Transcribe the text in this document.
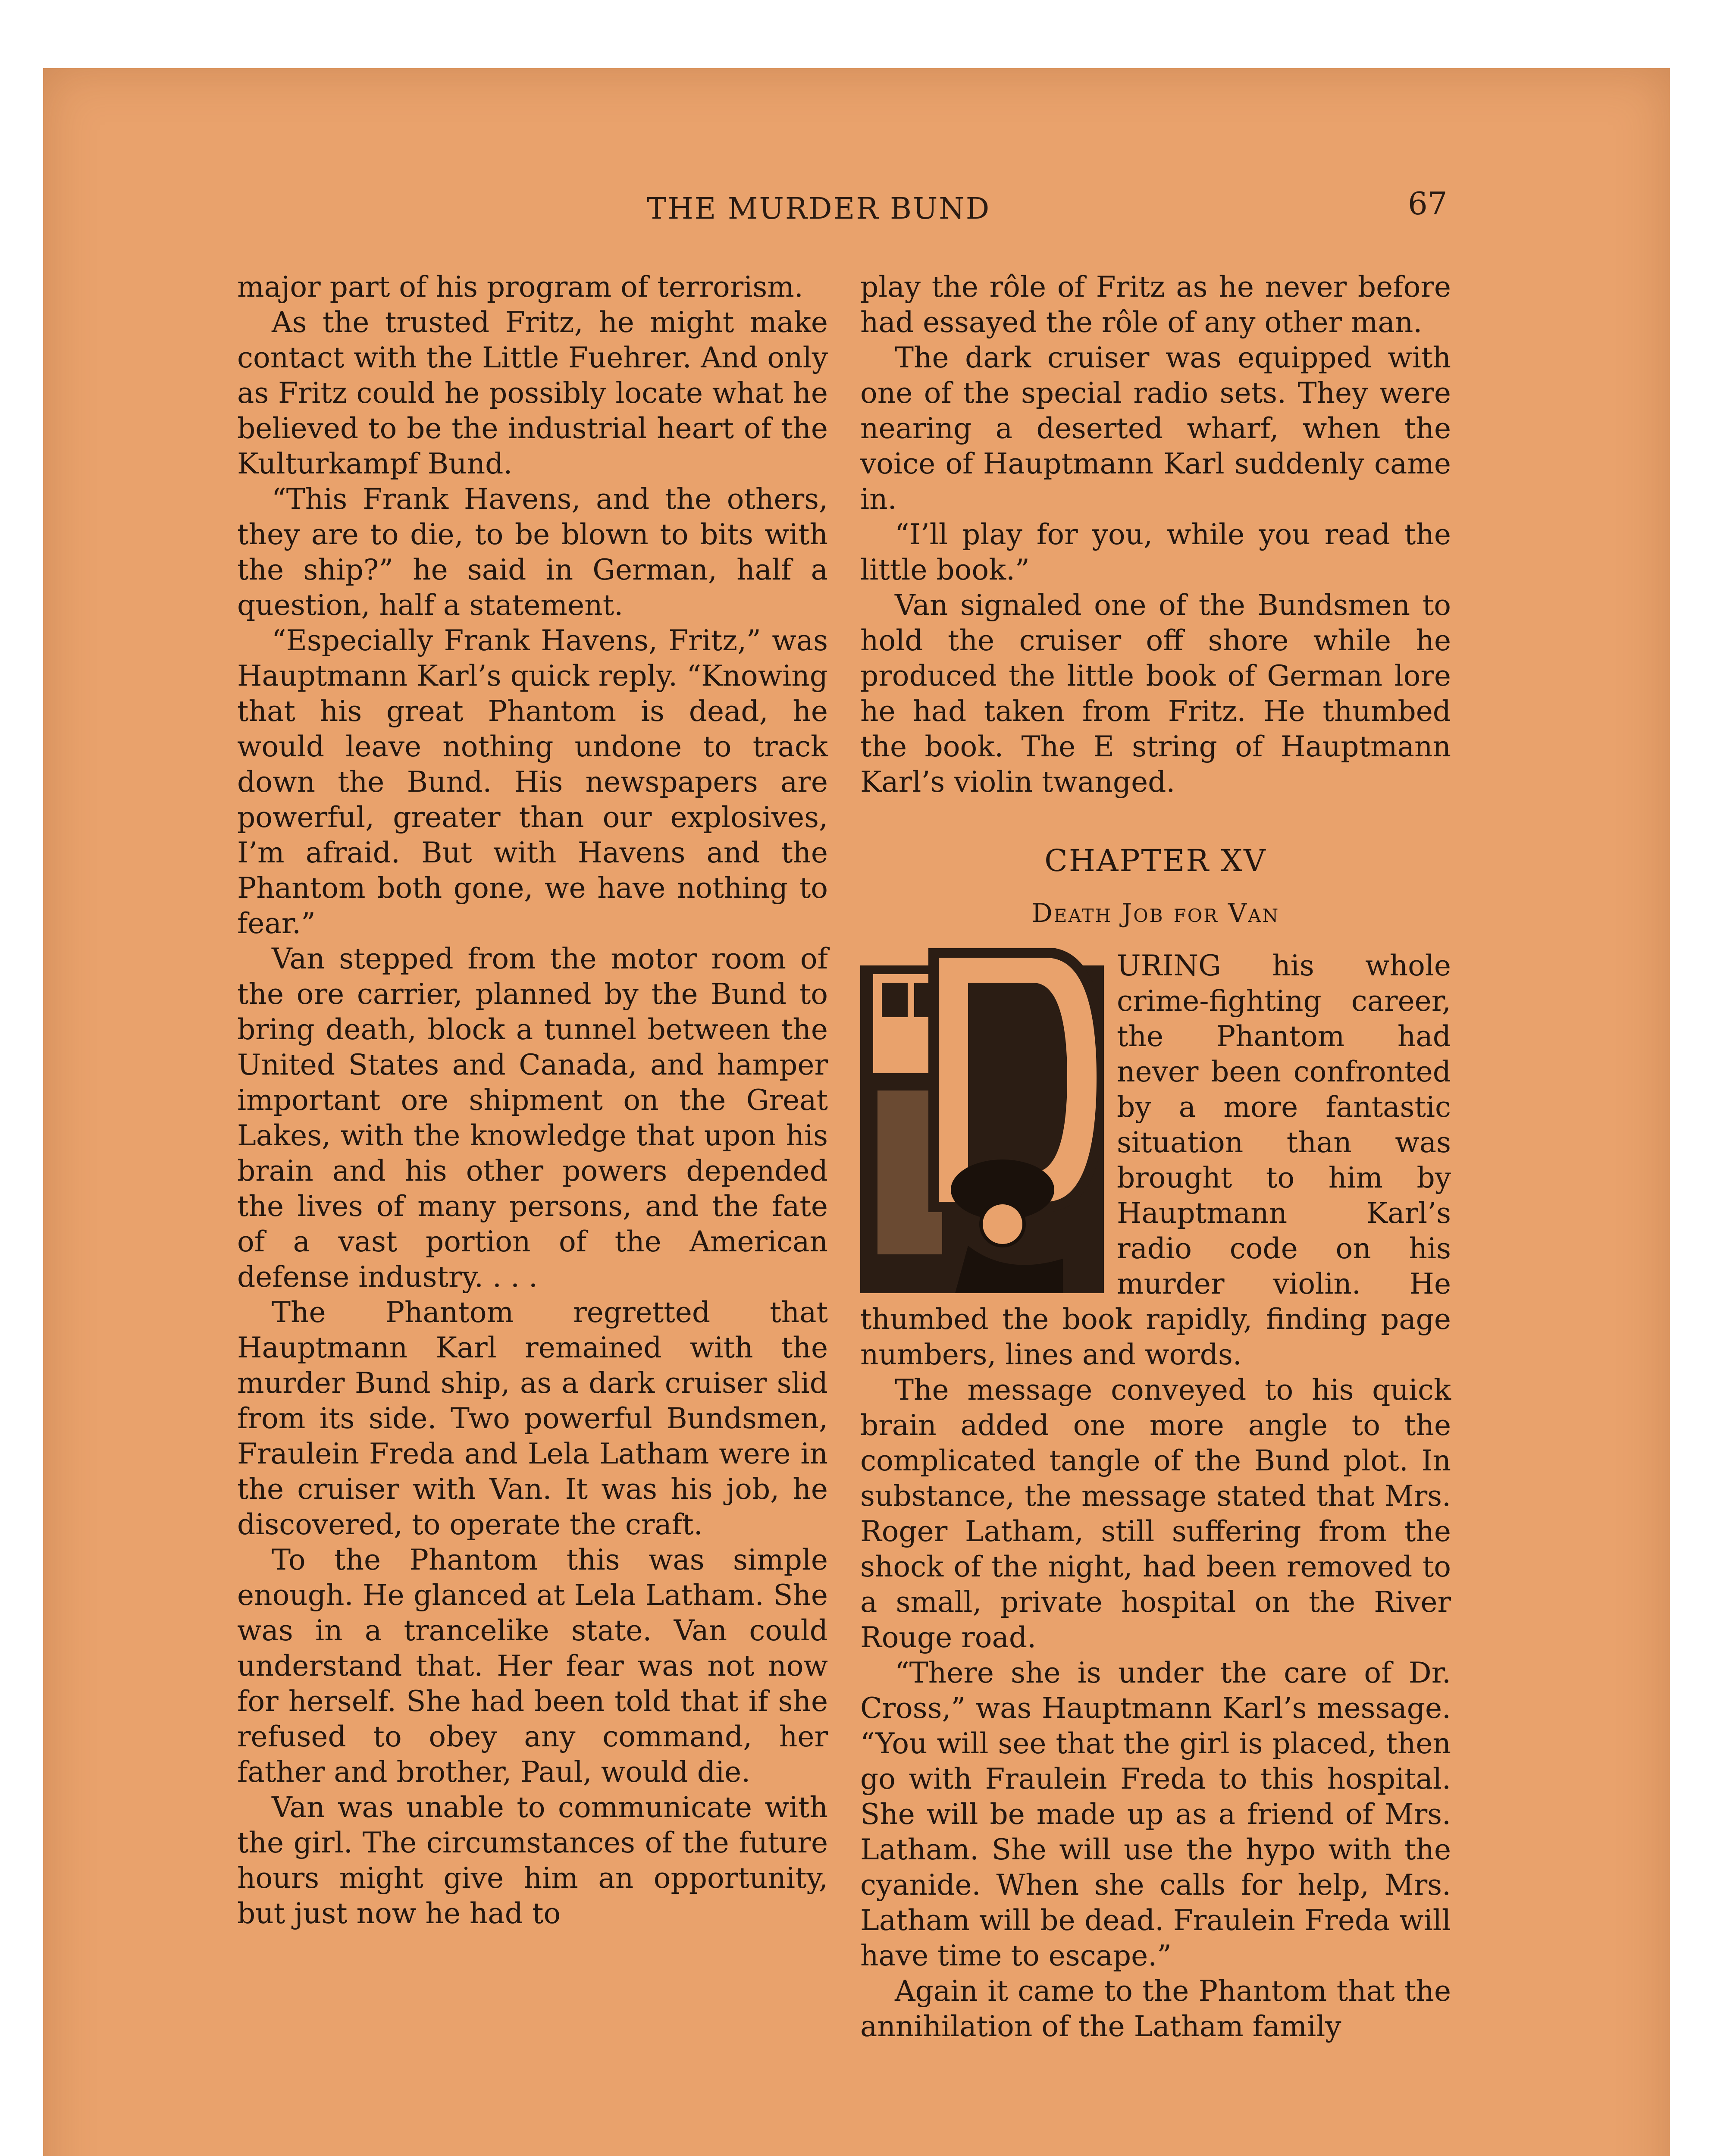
THE MURDER BUND	67

major part of his program of terrorism.

As the trusted Fritz, he might make contact with the Little Fuehrer. And only as Fritz could he possibly locate what he believed to be the industrial heart of the Kulturkampf Bund.

“This Frank Havens, and the others, they are to die, to be blown to bits with the ship?” he said in German, half a question, half a statement.

“Especially Frank Havens, Fritz,” was Hauptmann Karl’s quick reply. “Knowing that his great Phantom is dead, he would leave nothing undone to track down the Bund. His newspapers are powerful, greater than our explosives, I’m afraid. But with Havens and the Phantom both gone, we have nothing to fear.”

Van stepped from the motor room of the ore carrier, planned by the Bund to bring death, block a tunnel between the United States and Canada, and hamper important ore shipment on the Great Lakes, with the knowledge that upon his brain and his other powers depended the lives of many persons, and the fate of a vast portion of the American defense industry. . . .

The Phantom regretted that Hauptmann Karl remained with the murder Bund ship, as a dark cruiser slid from its side. Two powerful Bundsmen, Fraulein Freda and Lela Latham were in the cruiser with Van. It was his job, he discovered, to operate the craft.

To the Phantom this was simple enough. He glanced at Lela Latham. She was in a trancelike state. Van could understand that. Her fear was not now for herself. She had been told that if she refused to obey any command, her father and brother, Paul, would die.

Van was unable to communicate with the girl. The circumstances of the future hours might give him an opportunity, but just now he had to

play the rôle of Fritz as he never before had essayed the rôle of any other man.

The dark cruiser was equipped with one of the special radio sets. They were nearing a deserted wharf, when the voice of Hauptmann Karl suddenly came in.

“I’ll play for you, while you read the little book.”

Van signaled one of the Bundsmen to hold the cruiser off shore while he produced the little book of German lore he had taken from Fritz. He thumbed the book. The E string of Hauptmann Karl’s violin twanged.

CHAPTER XV
Death Job for Van
D

URING his whole crime-fighting career, the Phantom had never been confronted by a more fantastic situation than was brought to him by Hauptmann Karl’s radio code on his murder violin. He thumbed the book rapidly, finding page numbers, lines and words.

The message conveyed to his quick brain added one more angle to the complicated tangle of the Bund plot. In substance, the message stated that Mrs. Roger Latham, still suffering from the shock of the night, had been removed to a small, private hospital on the River Rouge road.

“There she is under the care of Dr. Cross,” was Hauptmann Karl’s message. “You will see that the girl is placed, then go with Fraulein Freda to this hospital. She will be made up as a friend of Mrs. Latham. She will use the hypo with the cyanide. When she calls for help, Mrs. Latham will be dead. Fraulein Freda will have time to escape.”

Again it came to the Phantom that the annihilation of the Latham family
